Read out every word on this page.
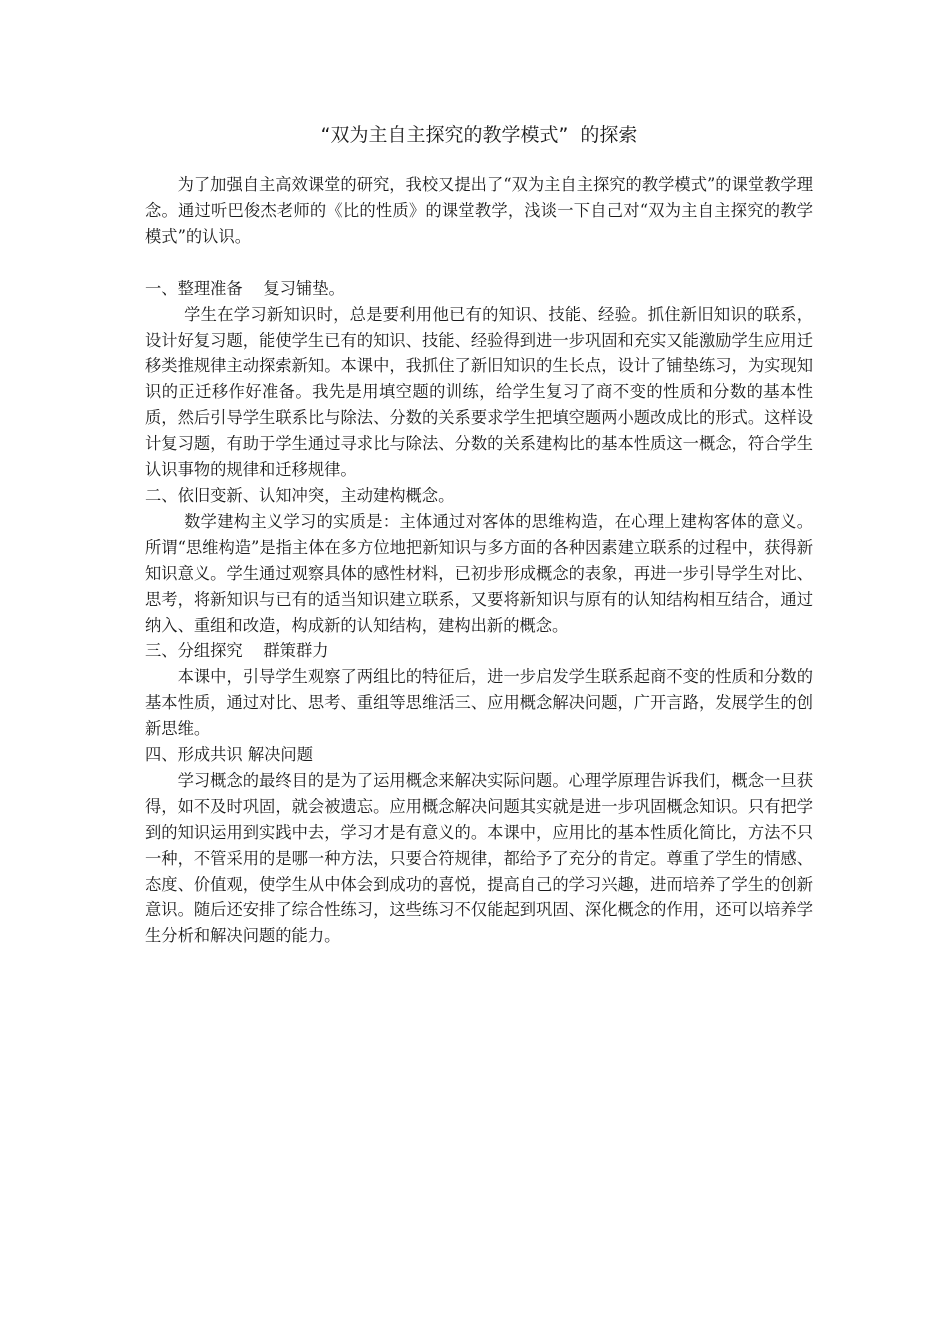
“双为主自主探究的教学模式”  的探索

为了加强自主高效课堂的研究，我校又提出了“双为主自主探究的教学模式”的课堂教学理念。通过听巴俊杰老师的《比的性质》的课堂教学，浅谈一下自己对“双为主自主探究的教学模式”的认识。

一、整理准备    复习铺垫。

学生在学习新知识时，总是要利用他已有的知识、技能、经验。抓住新旧知识的联系，设计好复习题，能使学生已有的知识、技能、经验得到进一步巩固和充实又能激励学生应用迁移类推规律主动探索新知。本课中，我抓住了新旧知识的生长点，设计了铺垫练习，为实现知识的正迁移作好准备。我先是用填空题的训练，给学生复习了商不变的性质和分数的基本性质，然后引导学生联系比与除法、分数的关系要求学生把填空题两小题改成比的形式。这样设计复习题，有助于学生通过寻求比与除法、分数的关系建构比的基本性质这一概念，符合学生认识事物的规律和迁移规律。

二、依旧变新、认知冲突，主动建构概念。

数学建构主义学习的实质是：主体通过对客体的思维构造，在心理上建构客体的意义。所谓“思维构造”是指主体在多方位地把新知识与多方面的各种因素建立联系的过程中，获得新知识意义。学生通过观察具体的感性材料，已初步形成概念的表象，再进一步引导学生对比、思考，将新知识与已有的适当知识建立联系，又要将新知识与原有的认知结构相互结合，通过纳入、重组和改造，构成新的认知结构，建构出新的概念。

三、分组探究    群策群力

本课中，引导学生观察了两组比的特征后，进一步启发学生联系起商不变的性质和分数的基本性质，通过对比、思考、重组等思维活三、应用概念解决问题，广开言路，发展学生的创新思维。

四、形成共识 解决问题

学习概念的最终目的是为了运用概念来解决实际问题。心理学原理告诉我们，概念一旦获得，如不及时巩固，就会被遗忘。应用概念解决问题其实就是进一步巩固概念知识。只有把学到的知识运用到实践中去，学习才是有意义的。本课中，应用比的基本性质化简比，方法不只一种，不管采用的是哪一种方法，只要合符规律，都给予了充分的肯定。尊重了学生的情感、态度、价值观，使学生从中体会到成功的喜悦，提高自己的学习兴趣，进而培养了学生的创新意识。随后还安排了综合性练习，这些练习不仅能起到巩固、深化概念的作用，还可以培养学生分析和解决问题的能力。
